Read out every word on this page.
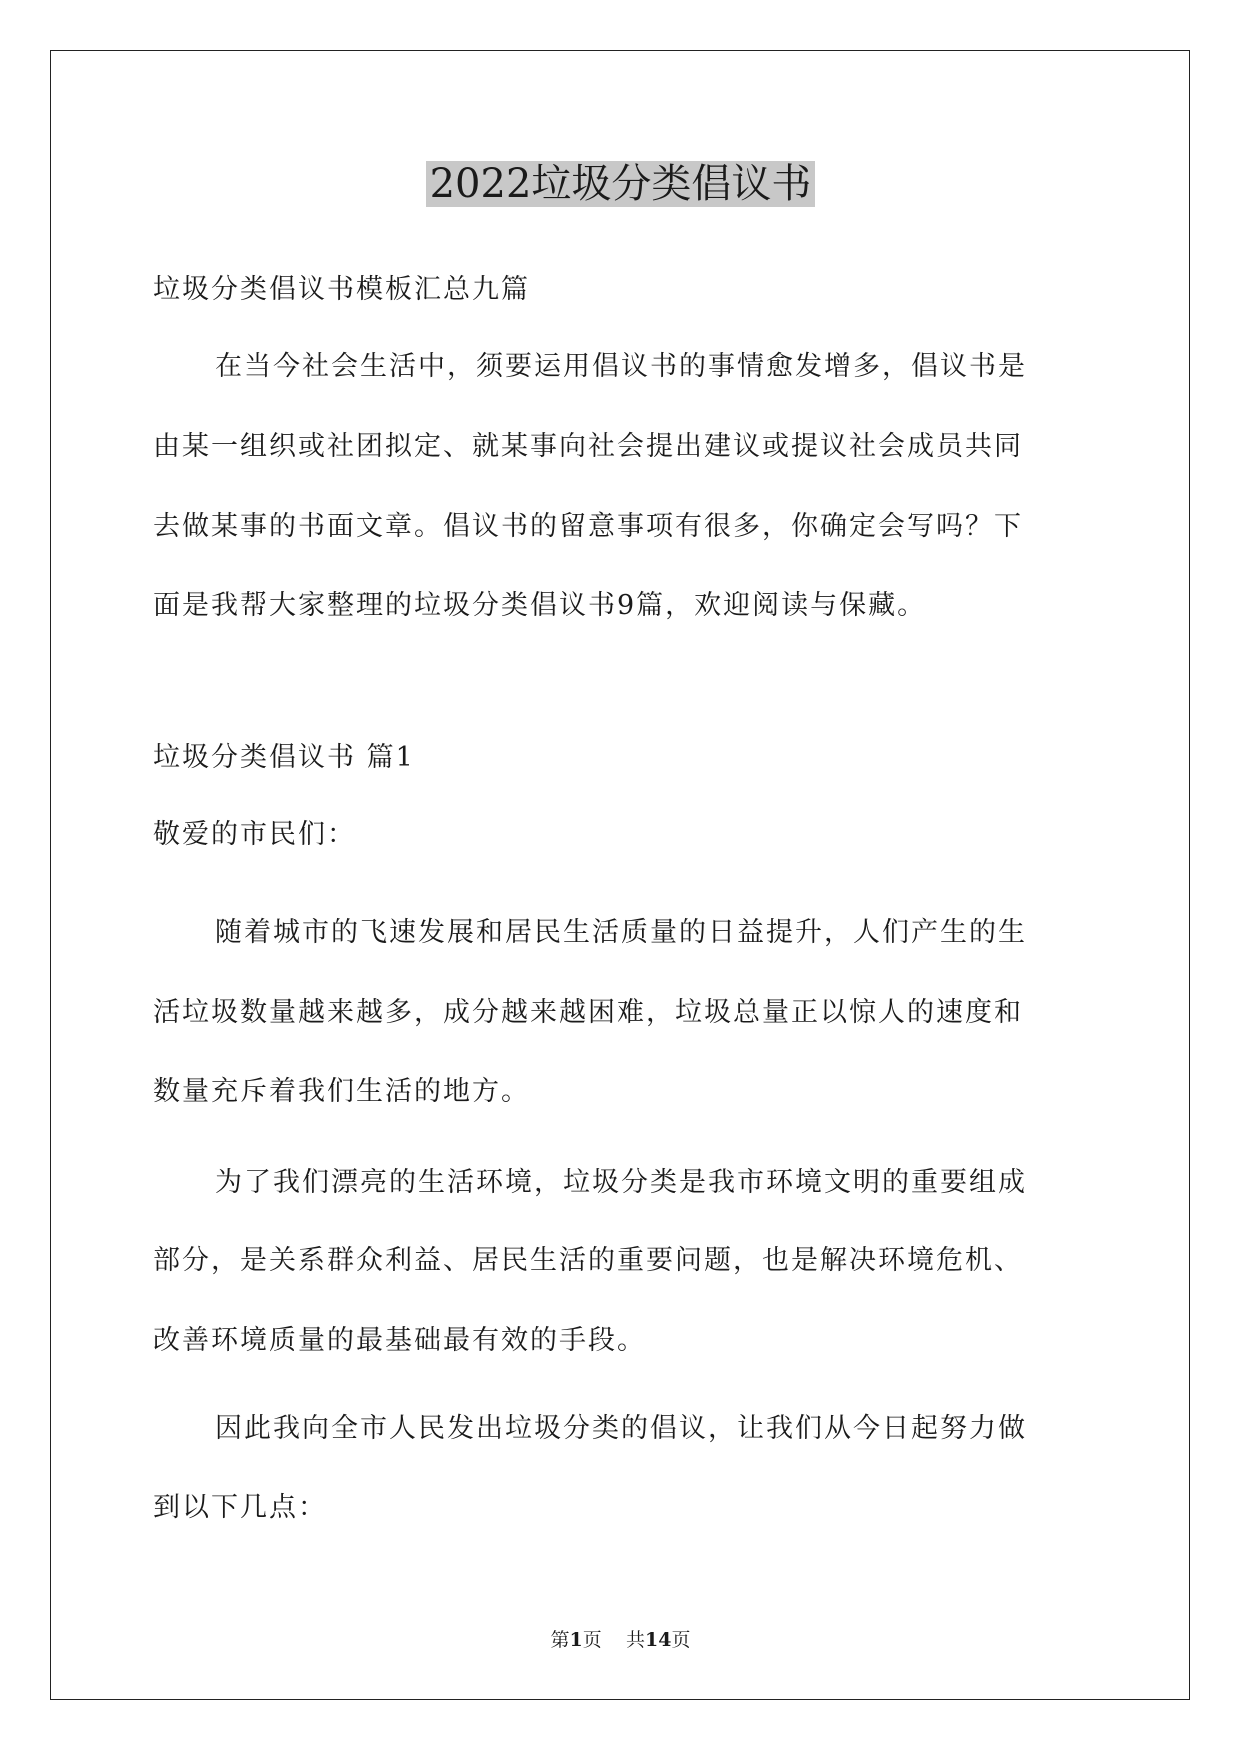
2022垃圾分类倡议书

垃圾分类倡议书模板汇总九篇

在当今社会生活中，须要运用倡议书的事情愈发增多，倡议书是

由某一组织或社团拟定、就某事向社会提出建议或提议社会成员共同

去做某事的书面文章。倡议书的留意事项有很多，你确定会写吗？下

面是我帮大家整理的垃圾分类倡议书9篇，欢迎阅读与保藏。

垃圾分类倡议书 篇1

敬爱的市民们：

随着城市的飞速发展和居民生活质量的日益提升，人们产生的生

活垃圾数量越来越多，成分越来越困难，垃圾总量正以惊人的速度和

数量充斥着我们生活的地方。

为了我们漂亮的生活环境，垃圾分类是我市环境文明的重要组成

部分，是关系群众利益、居民生活的重要问题，也是解决环境危机、

改善环境质量的最基础最有效的手段。

因此我向全市人民发出垃圾分类的倡议，让我们从今日起努力做

到以下几点：

第1页 共14页
